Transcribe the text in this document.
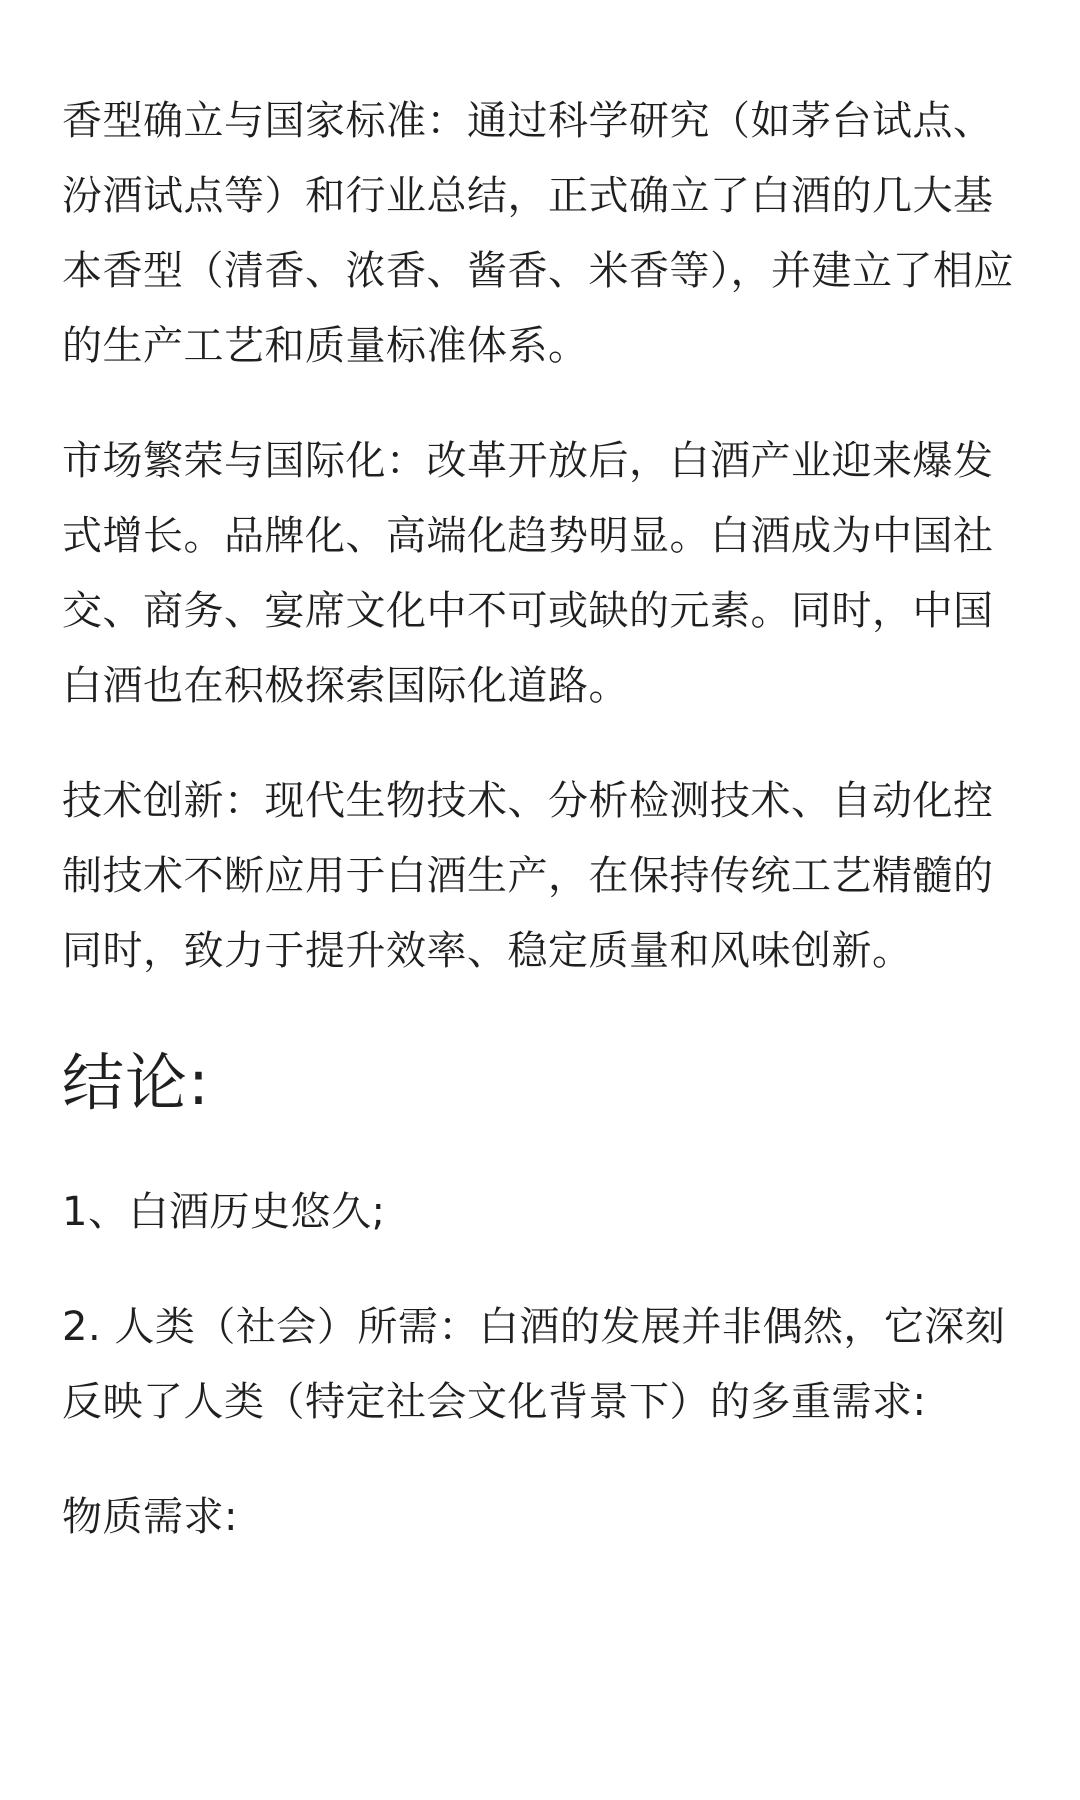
香型确立与国家标准：通过科学研究（如茅台试点、汾酒试点等）和行业总结，正式确立了白酒的几大基本香型（清香、浓香、酱香、米香等），并建立了相应的生产工艺和质量标准体系。

市场繁荣与国际化：改革开放后，白酒产业迎来爆发式增长。品牌化、高端化趋势明显。白酒成为中国社交、商务、宴席文化中不可或缺的元素。同时，中国白酒也在积极探索国际化道路。

技术创新：现代生物技术、分析检测技术、自动化控制技术不断应用于白酒生产，在保持传统工艺精髓的同时，致力于提升效率、稳定质量和风味创新。

结论:

1、白酒历史悠久;

2. 人类（社会）所需：白酒的发展并非偶然，它深刻反映了人类（特定社会文化背景下）的多重需求:

物质需求:
